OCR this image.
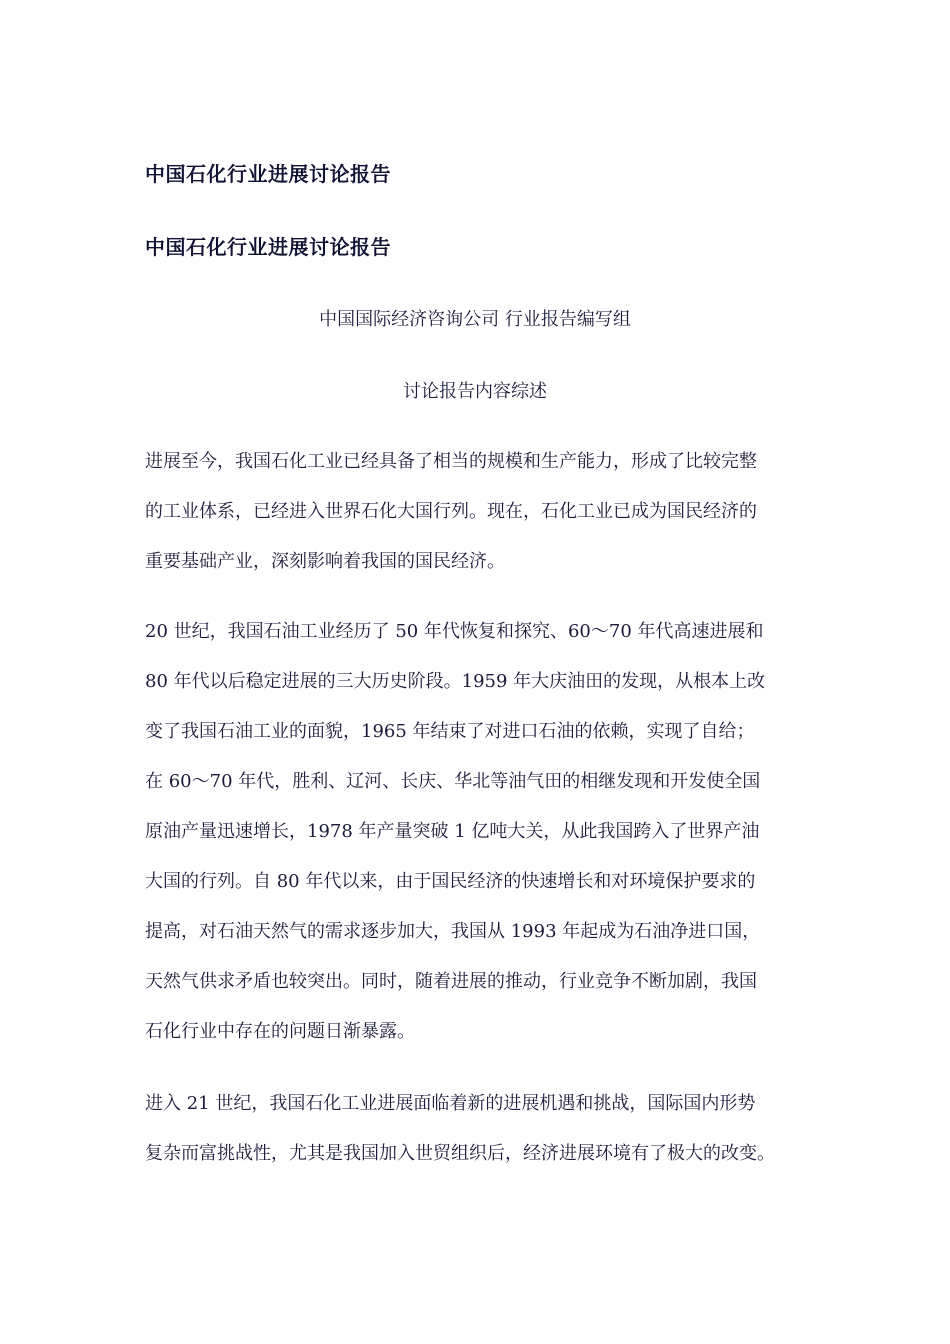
中国石化行业进展讨论报告
中国石化行业进展讨论报告
中国国际经济咨询公司 行业报告编写组
讨论报告内容综述
进展至今，我国石化工业已经具备了相当的规模和生产能力，形成了比较完整
的工业体系，已经进入世界石化大国行列。现在，石化工业已成为国民经济的
重要基础产业，深刻影响着我国的国民经济。
20 世纪，我国石油工业经历了 50 年代恢复和探究、60～70 年代高速进展和
80 年代以后稳定进展的三大历史阶段。1959 年大庆油田的发现，从根本上改
变了我国石油工业的面貌，1965 年结束了对进口石油的依赖，实现了自给；
在 60～70 年代，胜利、辽河、长庆、华北等油气田的相继发现和开发使全国
原油产量迅速增长，1978 年产量突破 1 亿吨大关，从此我国跨入了世界产油
大国的行列。自 80 年代以来，由于国民经济的快速增长和对环境保护要求的
提高，对石油天然气的需求逐步加大，我国从 1993 年起成为石油净进口国，
天然气供求矛盾也较突出。同时，随着进展的推动，行业竞争不断加剧，我国
石化行业中存在的问题日渐暴露。
进入 21 世纪，我国石化工业进展面临着新的进展机遇和挑战，国际国内形势
复杂而富挑战性，尤其是我国加入世贸组织后，经济进展环境有了极大的改变。
